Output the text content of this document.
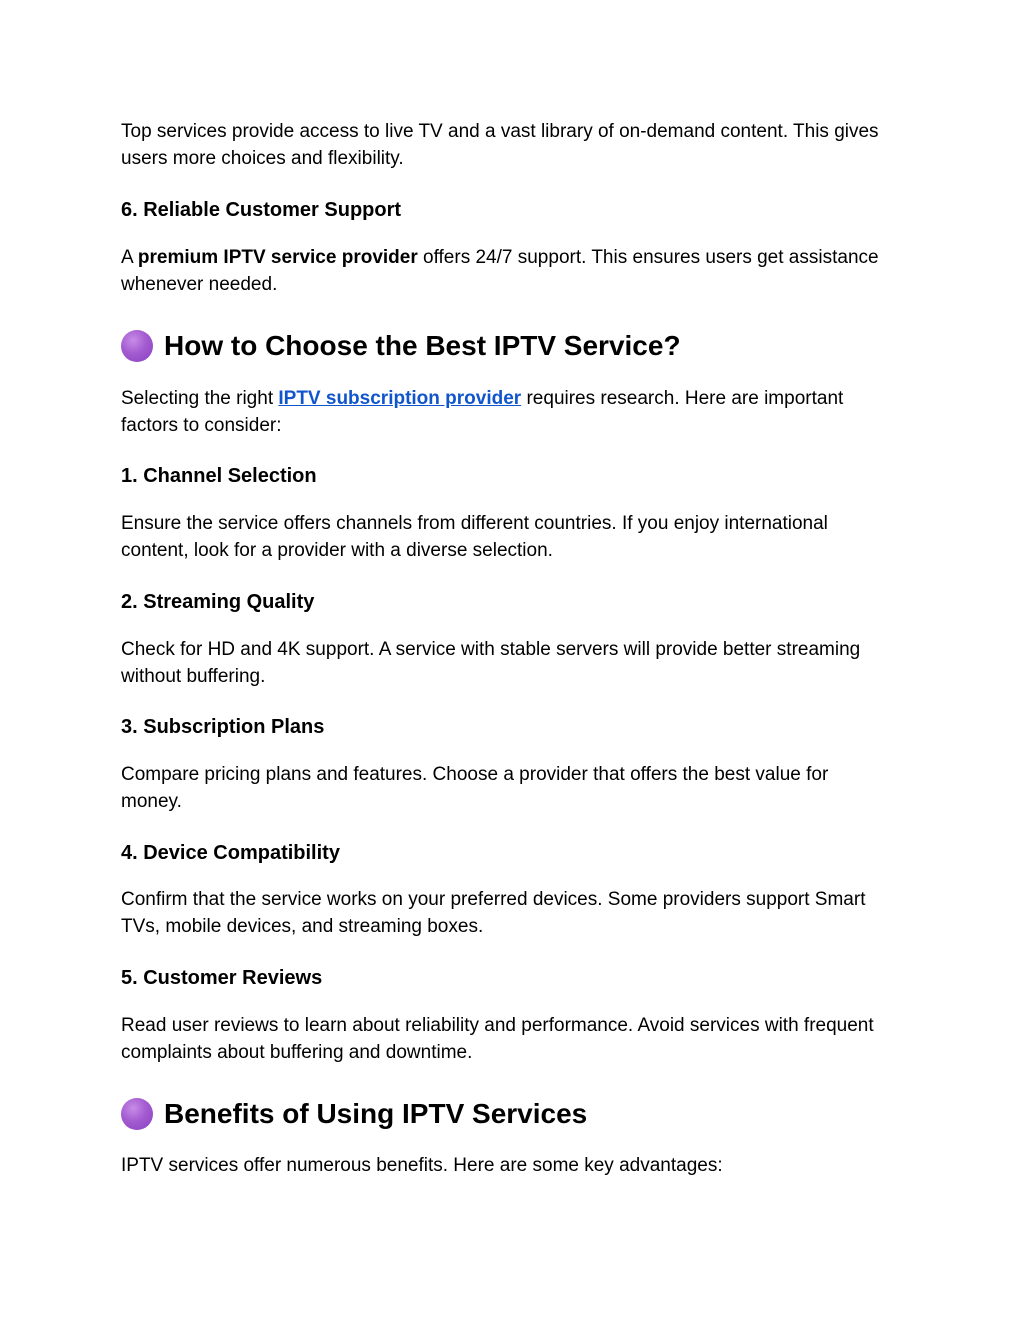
Top services provide access to live TV and a vast library of on-demand content. This gives users more choices and flexibility.

6. Reliable Customer Support

A premium IPTV service provider offers 24/7 support. This ensures users get assistance whenever needed.

How to Choose the Best IPTV Service?

Selecting the right IPTV subscription provider requires research. Here are important factors to consider:

1. Channel Selection

Ensure the service offers channels from different countries. If you enjoy international content, look for a provider with a diverse selection.

2. Streaming Quality

Check for HD and 4K support. A service with stable servers will provide better streaming without buffering.

3. Subscription Plans

Compare pricing plans and features. Choose a provider that offers the best value for money.

4. Device Compatibility

Confirm that the service works on your preferred devices. Some providers support Smart TVs, mobile devices, and streaming boxes.

5. Customer Reviews

Read user reviews to learn about reliability and performance. Avoid services with frequent complaints about buffering and downtime.

Benefits of Using IPTV Services

IPTV services offer numerous benefits. Here are some key advantages:
